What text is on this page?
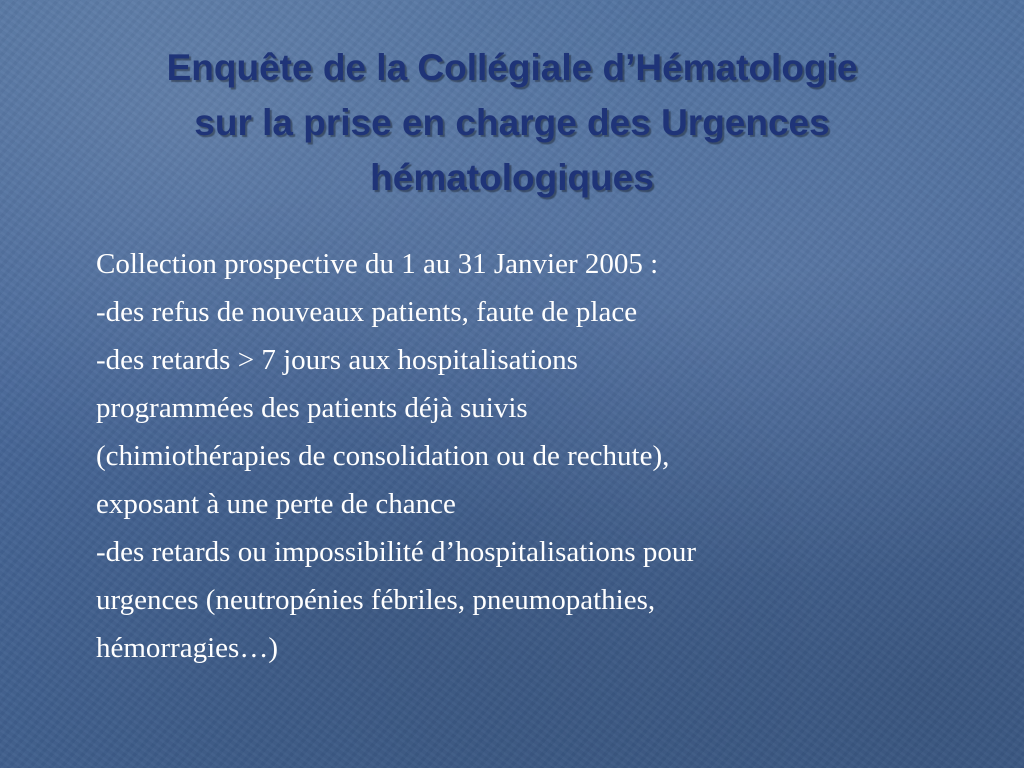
Enquête de la Collégiale d’Hématologie
sur la prise en charge des Urgences
hématologiques
Collection prospective du 1 au 31 Janvier 2005 :
-des refus de nouveaux patients, faute de place
-des retards > 7 jours aux hospitalisations
programmées des patients déjà suivis
(chimiothérapies de consolidation ou de rechute),
exposant à une perte de chance
-des retards ou impossibilité d’hospitalisations pour
urgences (neutropénies fébriles, pneumopathies,
hémorragies…)
